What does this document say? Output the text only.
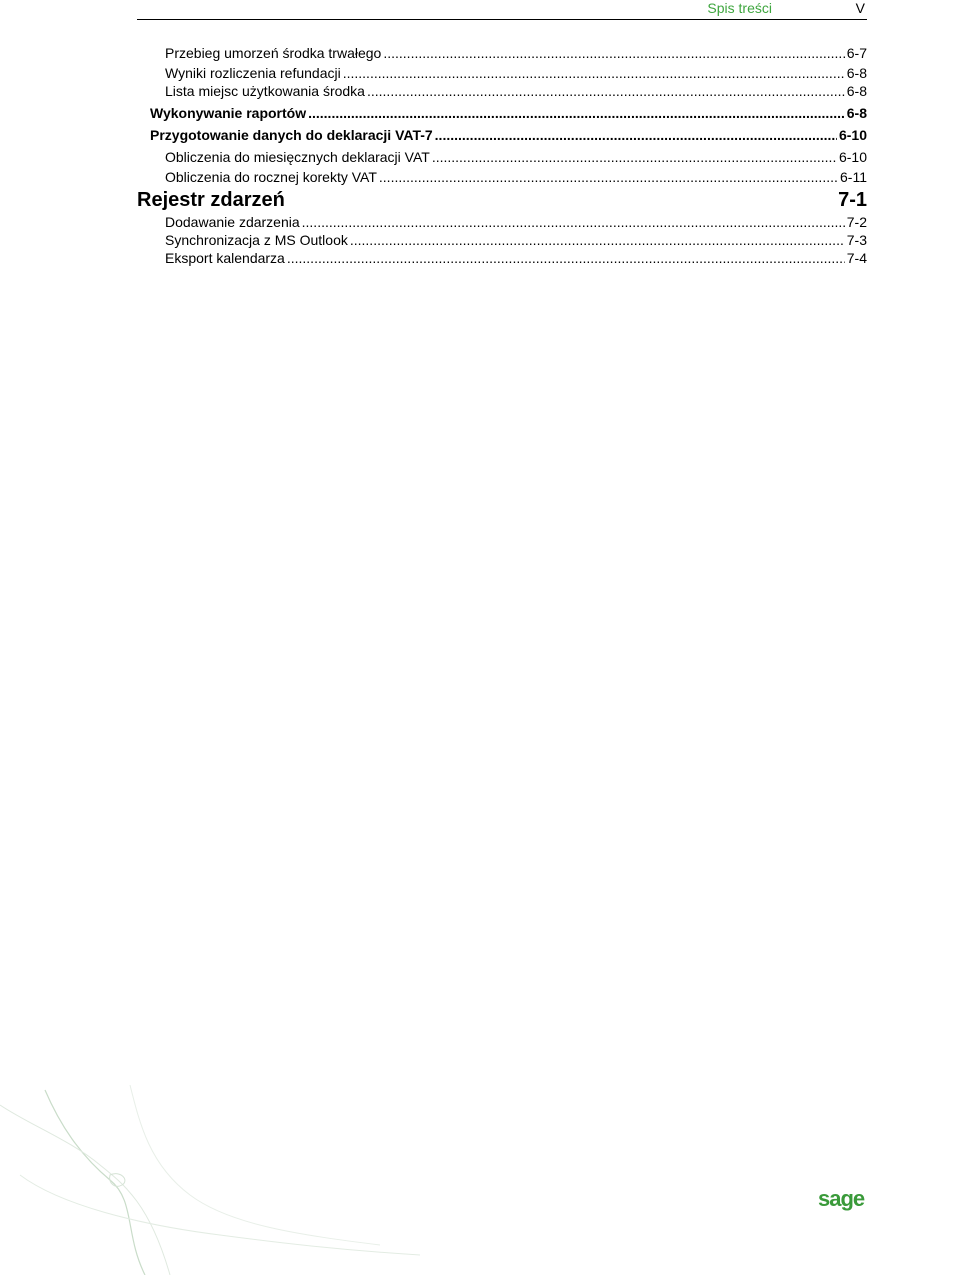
Spis treści	V
Przebieg umorzeń środka trwałego .....	6-7
Wyniki rozliczenia refundacji .....	6-8
Lista miejsc użytkowania środka .....	6-8
Wykonywanie raportów .....	6-8
Przygotowanie danych do deklaracji VAT-7 .....	6-10
Obliczenia do miesięcznych deklaracji VAT .....	6-10
Obliczenia do rocznej korekty VAT .....	6-11
Rejestr zdarzeń	7-1
Dodawanie zdarzenia .....	7-2
Synchronizacja z MS Outlook .....	7-3
Eksport kalendarza .....	7-4
sage
